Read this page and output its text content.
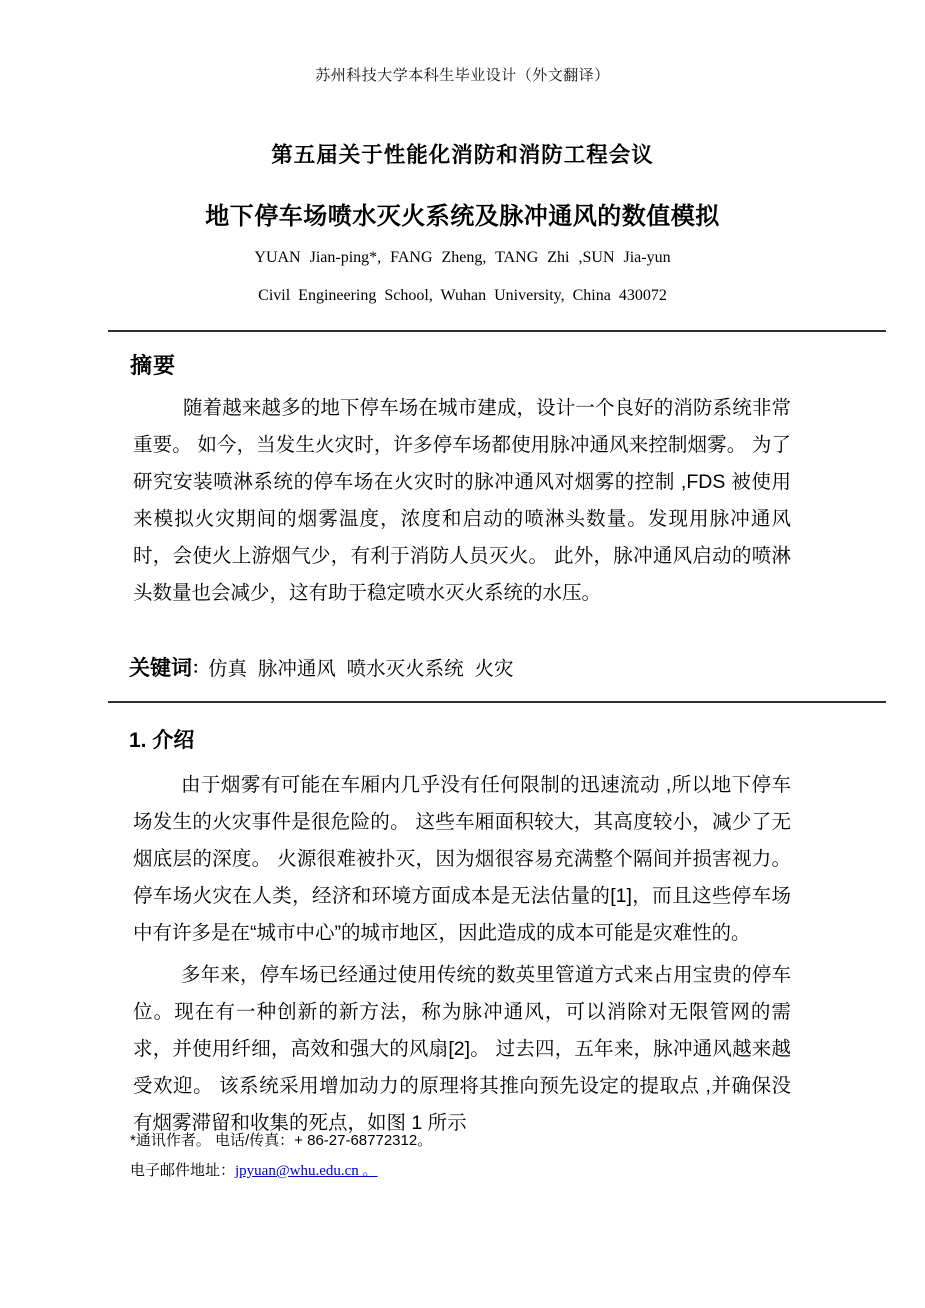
苏州科技大学本科生毕业设计（外文翻译）
第五届关于性能化消防和消防工程会议
地下停车场喷水灭火系统及脉冲通风的数值模拟
YUAN Jian-ping*, FANG Zheng, TANG Zhi ,SUN Jia-yun
Civil Engineering School, Wuhan University, China 430072
摘要
随着越来越多的地下停车场在城市建成，设计一个良好的消防系统非常重要。 如今，当发生火灾时，许多停车场都使用脉冲通风来控制烟雾。 为了研究安装喷淋系统的停车场在火灾时的脉冲通风对烟雾的控制 ,FDS 被使用来模拟火灾期间的烟雾温度，浓度和启动的喷淋头数量。发现用脉冲通风时，会使火上游烟气少，有利于消防人员灭火。 此外，脉冲通风启动的喷淋头数量也会减少，这有助于稳定喷水灭火系统的水压。
关键词：仿真  脉冲通风  喷水灭火系统  火灾
1. 介绍

由于烟雾有可能在车厢内几乎没有任何限制的迅速流动 ,所以地下停车场发生的火灾事件是很危险的。 这些车厢面积较大，其高度较小，减少了无烟底层的深度。 火源很难被扑灭，因为烟很容易充满整个隔间并损害视力。 停车场火灾在人类，经济和环境方面成本是无法估量的[1]，而且这些停车场中有许多是在“城市中心”的城市地区，因此造成的成本可能是灾难性的。

多年来，停车场已经通过使用传统的数英里管道方式来占用宝贵的停车位。现在有一种创新的新方法，称为脉冲通风，可以消除对无限管网的需求，并使用纤细，高效和强大的风扇[2]。 过去四，五年来，脉冲通风越来越受欢迎。 该系统采用增加动力的原理将其推向预先设定的提取点 ,并确保没有烟雾滞留和收集的死点，如图 1 所示

*通讯作者。 电话/传真：+ 86-27-68772312。
电子邮件地址：jpyuan@whu.edu.cn 。
